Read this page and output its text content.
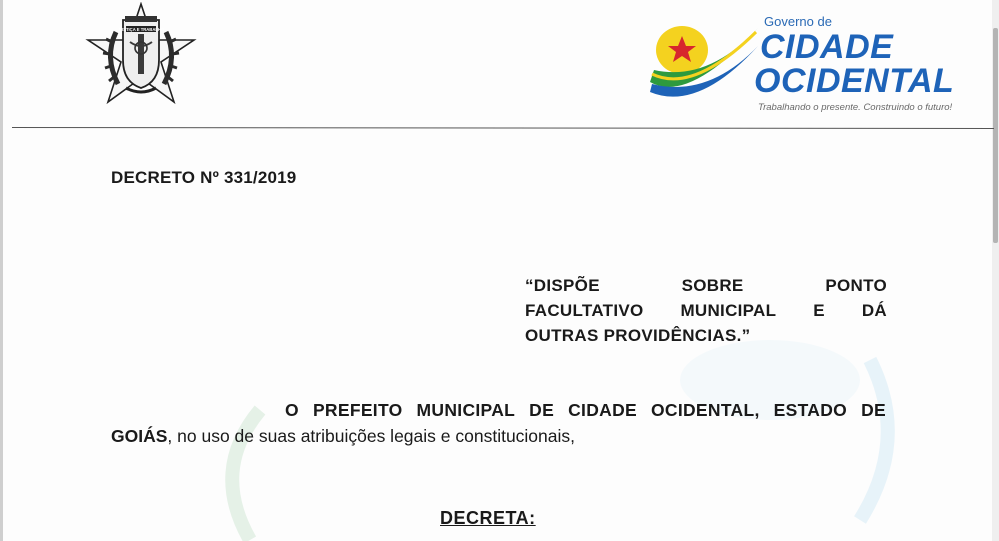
JUSTIÇA E TRABALHO
Governo de
CIDADE
OCIDENTAL
Trabalhando o presente. Construindo o futuro!
DECRETO Nº 331/2019
“DISPÕE	SOBRE	PONTO
FACULTATIVO MUNICIPAL E DÁ
OUTRAS PROVIDÊNCIAS.”
O PREFEITO MUNICIPAL DE CIDADE OCIDENTAL, ESTADO DE
GOIÁS, no uso de suas atribuições legais e constitucionais,
DECRETA:
